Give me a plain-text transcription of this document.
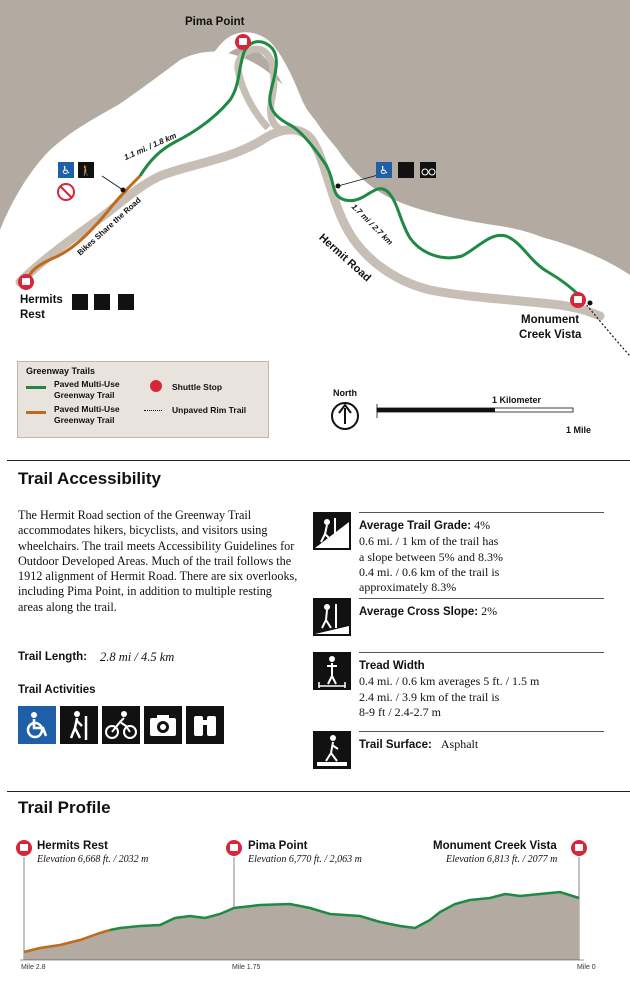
♿ 🚶	♿
Pima Point
Hermits
Rest	Monument
Creek Vista
Hermit Road
Bikes Share the Road
1.1 mi. / 1.8 km
1.7 mi / 2.7 km
Greenway Trails
Paved Multi-Use
Greenway Trail
Paved Multi-Use
Greenway Trail
Shuttle Stop
Unpaved Rim Trail
North
1 Kilometer
1 Mile
Trail Accessibility
The Hermit Road section of the Greenway Trail accommodates hikers, bicyclists, and visitors using wheelchairs. The trail meets Accessibility Guidelines for Outdoor Developed Areas. Much of the trail follows the 1912 alignment of Hermit Road. There are six overlooks, including Pima Point, in addition to multiple resting areas along the trail.
Trail Length: 2.8 mi / 4.5 km
Trail Activities
Average Trail Grade: 4%
0.6 mi. / 1 km of the trail has
a slope between 5% and 8.3%
0.4 mi. / 0.6 km of the trail is
approximately 8.3%
Average Cross Slope: 2%
Tread Width
0.4 mi. / 0.6 km averages 5 ft. / 1.5 m
2.4 mi. / 3.9 km of the trail is
8-9 ft / 2.4-2.7 m
Trail Surface: Asphalt
Trail Profile
Hermits Rest
Elevation 6,668 ft. / 2032 m
Pima Point
Elevation 6,770 ft. / 2,063 m
Monument Creek Vista
Elevation 6,813 ft. / 2077 m
Mile 2.8	Mile 1.75	Mile 0
